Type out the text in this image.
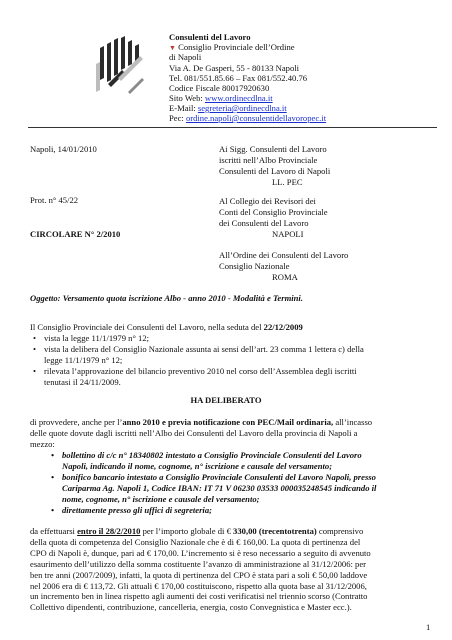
Consulenti del Lavoro
▼ Consiglio Provinciale dell’Ordine
di Napoli
Via A. De Gasperi, 55 - 80133 Napoli
Tel. 081/551.85.66 – Fax 081/552.40.76
Codice Fiscale 80017920630
Sito Web: www.ordinecdlna.it
E-Mail: segreteria@ordinecdlna.it
Pec: ordine.napoli@consulentidellavoropec.it
Napoli, 14/01/2010
Prot. n° 45/22
CIRCOLARE N° 2/2010
Ai Sigg. Consulenti del Lavoro
iscritti nell’Albo Provinciale
Consulenti del Lavoro di Napoli
LL. PEC
Al Collegio dei Revisori dei
Conti del Consiglio Provinciale
dei Consulenti del Lavoro
NAPOLI
All’Ordine dei Consulenti del Lavoro
Consiglio Nazionale
ROMA
Oggetto: Versamento quota iscrizione Albo - anno 2010 - Modalità e Termini.
Il Consiglio Provinciale dei Consulenti del Lavoro, nella seduta del 22/12/2009
• vista la legge 11/1/1979 n° 12;
• vista la delibera del Consiglio Nazionale assunta ai sensi dell’art. 23 comma 1 lettera c) della
legge 11/1/1979 n° 12;
• rilevata l’approvazione del bilancio preventivo 2010 nel corso dell’Assemblea degli iscritti
tenutasi il 24/11/2009.
HA DELIBERATO
di provvedere, anche per l’anno 2010 e previa notificazione con PEC/Mail ordinaria, all’incasso
delle quote dovute dagli iscritti nell’Albo dei Consulenti del Lavoro della provincia di Napoli a
mezzo:
• bollettino di c/c n° 18340802 intestato a Consiglio Provinciale Consulenti del Lavoro
Napoli, indicando il nome, cognome, n° iscrizione e causale del versamento;
• bonifico bancario intestato a Consiglio Provinciale Consulenti del Lavoro Napoli, presso
Cariparma Ag. Napoli 1, Codice IBAN: IT 71 V 06230 03533 000035248545 indicando il
nome, cognome, n° iscrizione e causale del versamento;
• direttamente presso gli uffici di segreteria;
da effettuarsi entro il 28/2/2010 per l’importo globale di € 330,00 (trecentotrenta) comprensivo
della quota di competenza del Consiglio Nazionale che è di € 160,00. La quota di pertinenza del
CPO di Napoli è, dunque, pari ad € 170,00. L’incremento si è reso necessario a seguito di avvenuto
esaurimento dell’utilizzo della somma costituente l’avanzo di amministrazione al 31/12/2006: per
ben tre anni (2007/2009), infatti, la quota di pertinenza del CPO è stata pari a soli € 50,00 laddove
nel 2006 era di € 113,72. Gli attuali € 170,00 costituiscono, rispetto alla quota base al 31/12/2006,
un incremento ben in linea rispetto agli aumenti dei costi verificatisi nel triennio scorso (Contratto
Collettivo dipendenti, contribuzione, cancelleria, energia, costo Convegnistica e Master ecc.).
1
